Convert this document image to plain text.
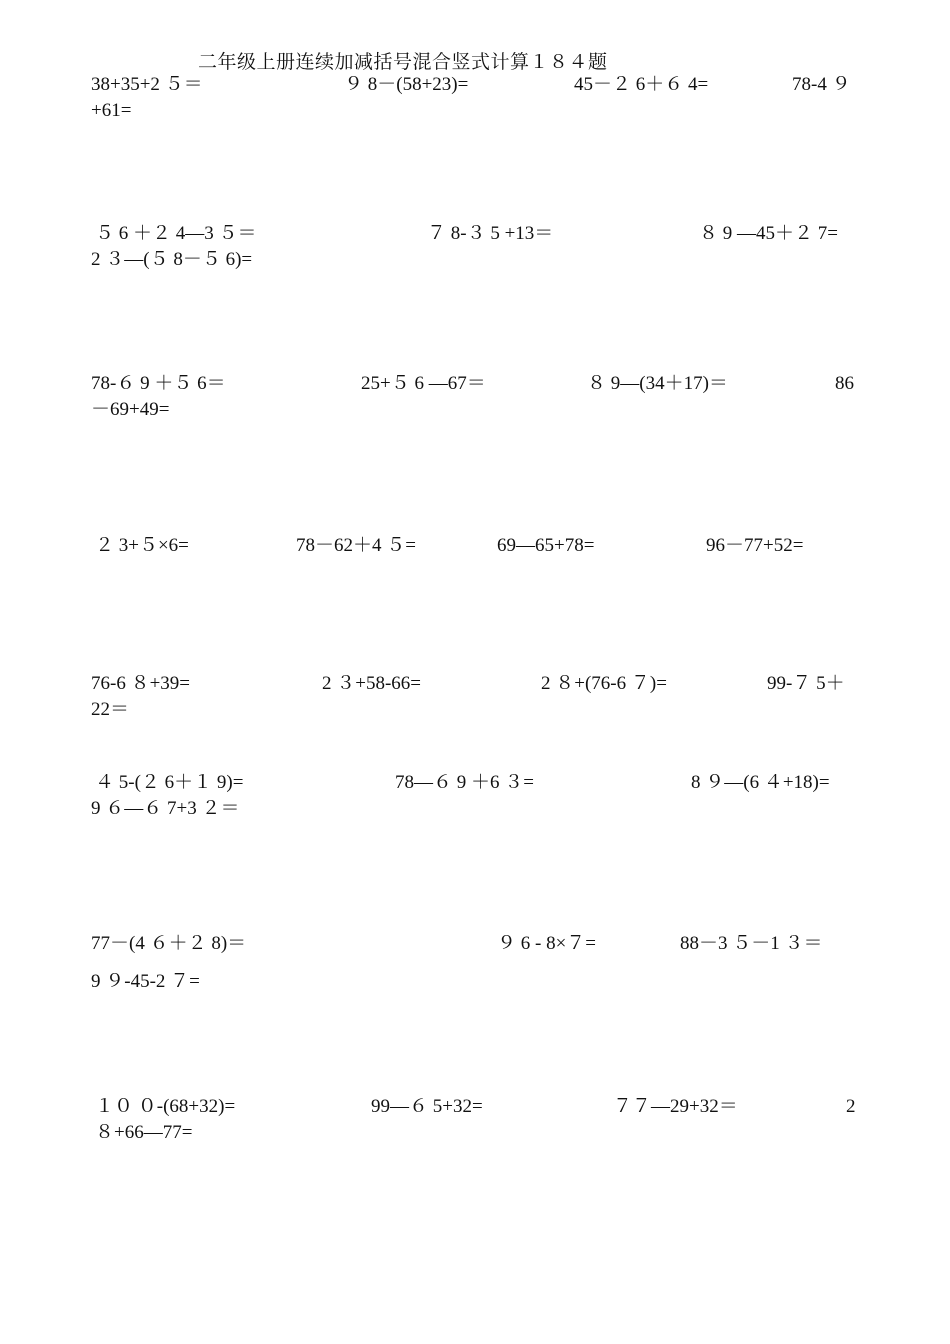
二年级上册连续加减括号混合竖式计算１８４题
38+35+2 ５＝	９ 8－(58+23)=	45－２ 6＋６ 4=	78-4 ９
+61=
５ 6 ＋２ 4—3 ５＝	７ 8-３ 5 +13＝	８ 9 —45＋２ 7=
2 ３—(５ 8－５ 6)=
78-６ 9 ＋５ 6＝	25+５ 6 —67＝	８ 9—(34＋17)＝	86
－69+49=
２ 3+５×6=	78－62＋4 ５=	69—65+78=	96－77+52=
76-6 ８+39=	2 ３+58-66=	2 ８+(76-6 ７)=	99-７ 5＋
22＝
４ 5-(２ 6＋１ 9)=	78—６ 9 ＋6 ３=	8 ９—(6 ４+18)=
9 ６—６ 7+3 ２＝
77－(4 ６＋２ 8)＝	９ 6 - 8×７=	88－3 ５－1 ３＝
9 ９-45-2 ７=
１０ ０-(68+32)=	99—６ 5+32=	７７—29+32＝	2
８+66—77=
